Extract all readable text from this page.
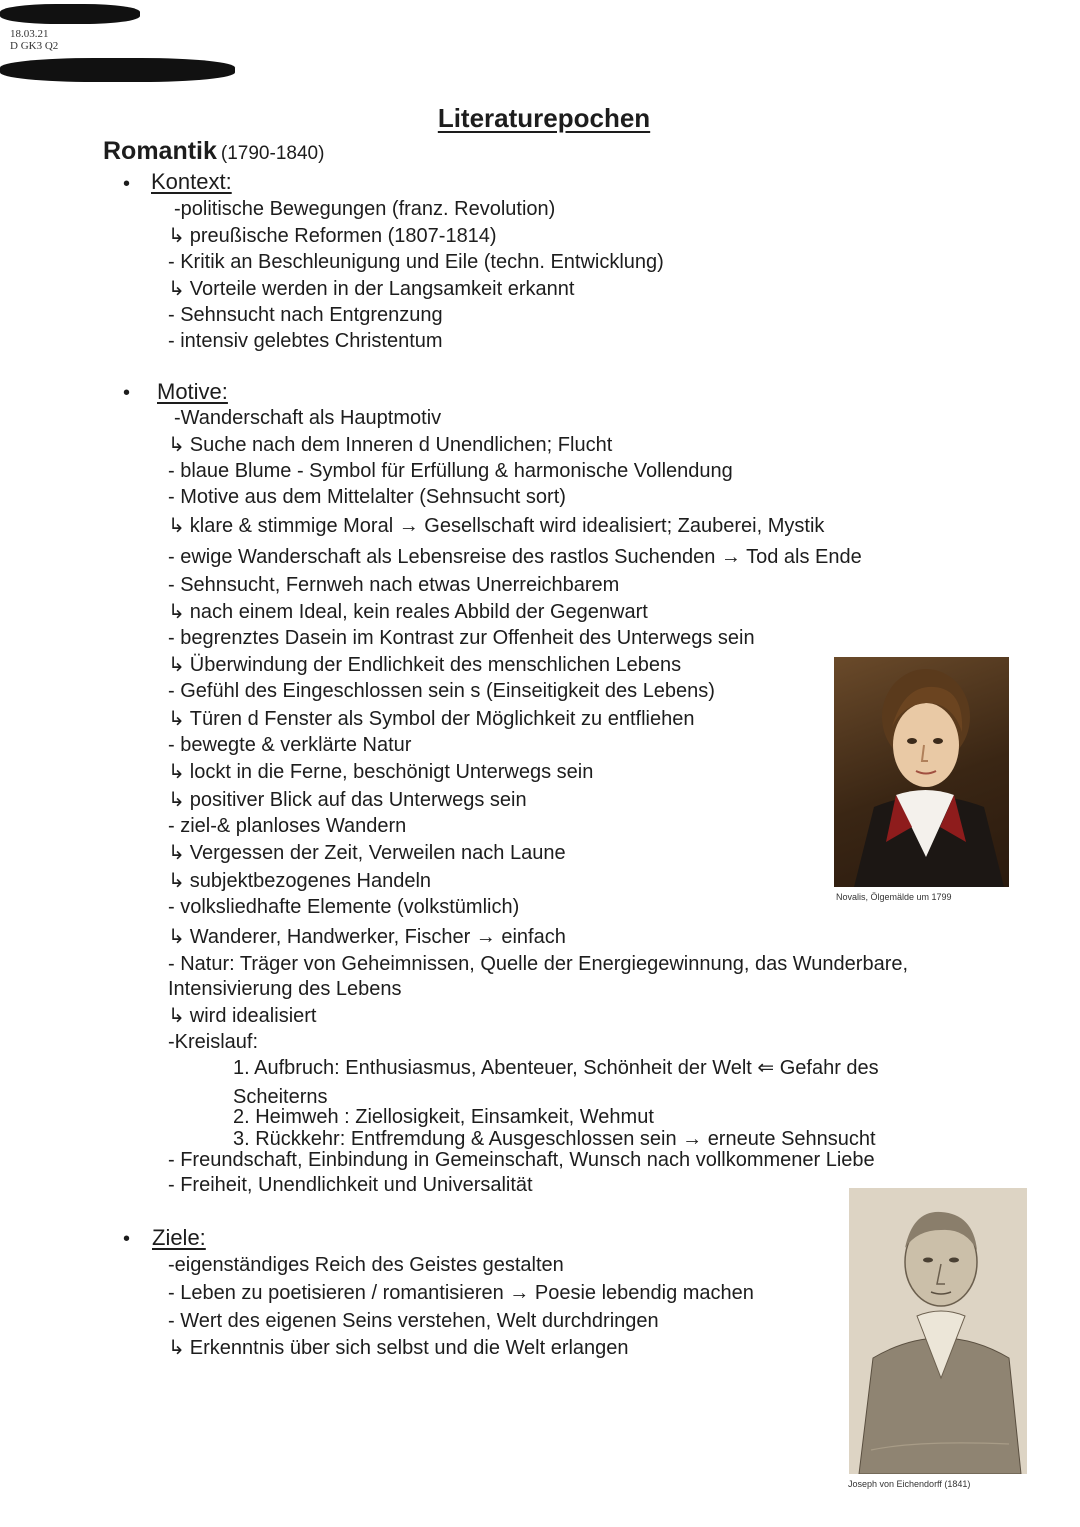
18.03.21
D GK3 Q2
Literaturepochen
Romantik (1790-1840)
• Kontext:
-politische Bewegungen (franz. Revolution)
↳ preußische Reformen (1807-1814)
- Kritik an Beschleunigung und Eile (techn. Entwicklung)
↳ Vorteile werden in der Langsamkeit erkannt
- Sehnsucht nach Entgrenzung
- intensiv gelebtes Christentum
• Motive:
-Wanderschaft als Hauptmotiv
↳ Suche nach dem Inneren d Unendlichen; Flucht
- blaue Blume - Symbol für Erfüllung & harmonische Vollendung
- Motive aus dem Mittelalter (Sehnsucht sort)
↳ klare & stimmige Moral → Gesellschaft wird idealisiert; Zauberei, Mystik
- ewige Wanderschaft als Lebensreise des rastlos Suchenden → Tod als Ende
- Sehnsucht, Fernweh nach etwas Unerreichbarem
↳ nach einem Ideal, kein reales Abbild der Gegenwart
- begrenztes Dasein im Kontrast zur Offenheit des Unterwegs sein
↳ Überwindung der Endlichkeit des menschlichen Lebens
- Gefühl des Eingeschlossen sein s (Einseitigkeit des Lebens)
↳ Türen d Fenster als Symbol der Möglichkeit zu entfliehen
- bewegte & verklärte Natur
↳ lockt in die Ferne, beschönigt Unterwegs sein
↳ positiver Blick auf das Unterwegs sein
- ziel-& planloses Wandern
↳ Vergessen der Zeit, Verweilen nach Laune
↳ subjektbezogenes Handeln
- volksliedhafte Elemente (volkstümlich)
↳ Wanderer, Handwerker, Fischer → einfach
- Natur: Träger von Geheimnissen, Quelle der Energiegewinnung, das Wunderbare,
Intensivierung des Lebens
↳ wird idealisiert
-Kreislauf:
1. Aufbruch: Enthusiasmus, Abenteuer, Schönheit der Welt ⇐ Gefahr des
Scheiterns
2. Heimweh : Ziellosigkeit, Einsamkeit, Wehmut
3. Rückkehr: Entfremdung & Ausgeschlossen sein → erneute Sehnsucht
- Freundschaft, Einbindung in Gemeinschaft, Wunsch nach vollkommener Liebe
- Freiheit, Unendlichkeit und Universalität
• Ziele:
-eigenständiges Reich des Geistes gestalten
- Leben zu poetisieren / romantisieren → Poesie lebendig machen
- Wert des eigenen Seins verstehen, Welt durchdringen
↳ Erkenntnis über sich selbst und die Welt erlangen
Novalis, Ölgemälde um 1799
Joseph von Eichendorff (1841)
